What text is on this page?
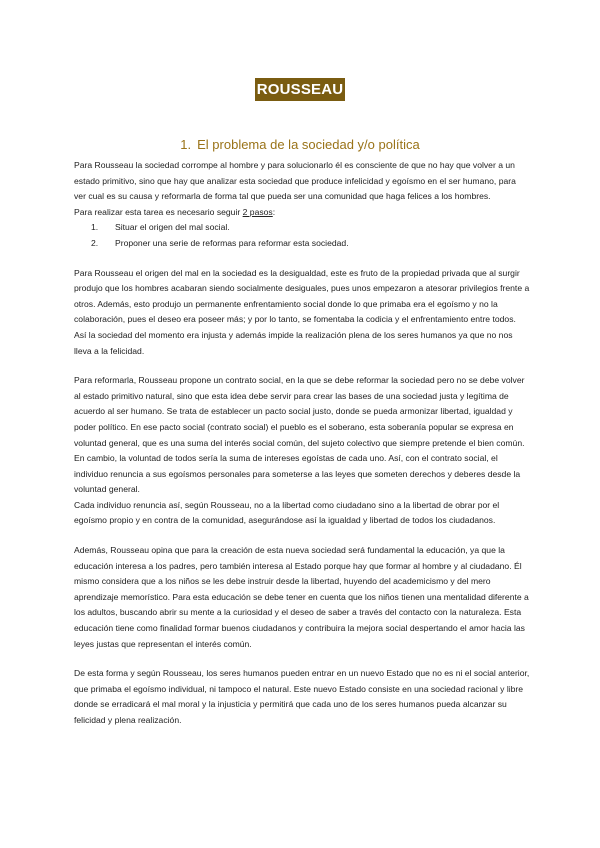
ROUSSEAU
1. El problema de la sociedad y/o política

Para Rousseau la sociedad corrompe al hombre y para solucionarlo él es consciente de que no hay que volver a un estado primitivo, sino que hay que analizar esta sociedad que produce infelicidad y egoísmo en el ser humano, para ver cual es su causa y reformarla de forma tal que pueda ser una comunidad que haga felices a los hombres.

Para realizar esta tarea es necesario seguir 2 pasos:

1.	Situar el origen del mal social.
2.	Proponer una serie de reformas para reformar esta sociedad.

Para Rousseau el origen del mal en la sociedad es la desigualdad, este es fruto de la propiedad privada que al surgir produjo que los hombres acabaran siendo socialmente desiguales, pues unos empezaron a atesorar privilegios frente a otros. Además, esto produjo un permanente enfrentamiento social donde lo que primaba era el egoísmo y no la colaboración, pues el deseo era poseer más; y por lo tanto, se fomentaba la codicia y el enfrentamiento entre todos. Así la sociedad del momento era injusta y además impide la realización plena de los seres humanos ya que no nos lleva a la felicidad.

Para reformarla, Rousseau propone un contrato social, en la que se debe reformar la sociedad pero no se debe volver al estado primitivo natural, sino que esta idea debe servir para crear las bases de una sociedad justa y legítima de acuerdo al ser humano. Se trata de establecer un pacto social justo, donde se pueda armonizar libertad, igualdad y poder político. En ese pacto social (contrato social) el pueblo es el soberano, esta soberanía popular se expresa en voluntad general, que es una suma del interés social común, del sujeto colectivo que siempre pretende el bien común. En cambio, la voluntad de todos sería la suma de intereses egoístas de cada uno. Así, con el contrato social, el individuo renuncia a sus egoísmos personales para someterse a las leyes que someten derechos y deberes desde la voluntad general.

Cada individuo renuncia así, según Rousseau, no a la libertad como ciudadano sino a la libertad de obrar por el egoísmo propio y en contra de la comunidad, asegurándose así la igualdad y libertad de todos los ciudadanos.

Además, Rousseau opina que para la creación de esta nueva sociedad será fundamental la educación, ya que la educación interesa a los padres, pero también interesa al Estado porque hay que formar al hombre y al ciudadano. Él mismo considera que a los niños se les debe instruir desde la libertad, huyendo del academicismo y del mero aprendizaje memorístico. Para esta educación se debe tener en cuenta que los niños tienen una mentalidad diferente a los adultos, buscando abrir su mente a la curiosidad y el deseo de saber a través del contacto con la naturaleza. Esta educación tiene como finalidad formar buenos ciudadanos y contribuira la mejora social despertando el amor hacia las leyes justas que representan el interés común.

De esta forma y según Rousseau, los seres humanos pueden entrar en un nuevo Estado que no es ni el social anterior, que primaba el egoísmo individual, ni tampoco el natural. Este nuevo Estado consiste en una sociedad racional y libre donde se erradicará el mal moral y la injusticia y permitirá que cada uno de los seres humanos pueda alcanzar su felicidad y plena realización.
